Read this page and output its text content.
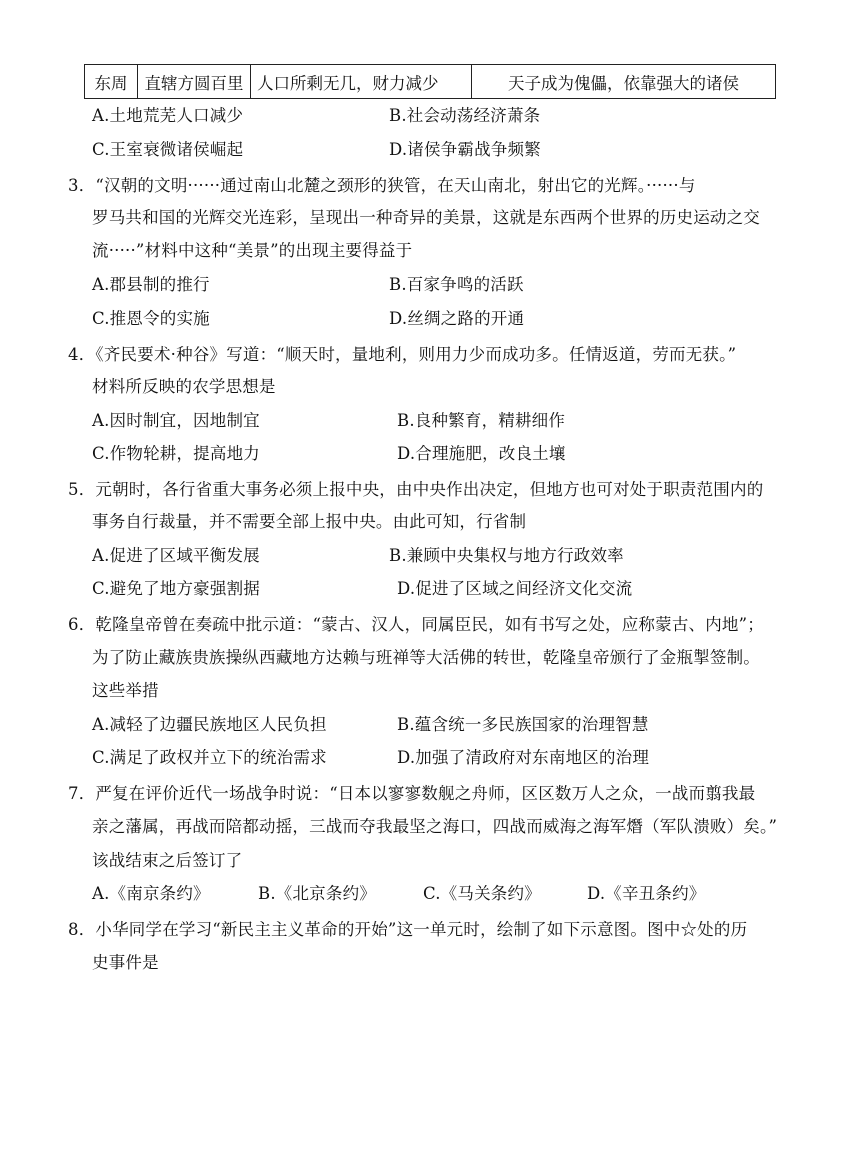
东周	直辖方圆百里	人口所剩无几，财力减少	天子成为傀儡，依靠强大的诸侯
A.土地荒芜人口减少	B.社会动荡经济萧条
C.王室衰微诸侯崛起	D.诸侯争霸战争频繁
3．“汉朝的文明······通过南山北麓之颈形的狭管，在天山南北，射出它的光辉。······与
罗马共和国的光辉交光连彩，呈现出一种奇异的美景，这就是东西两个世界的历史运动之交
流·····”材料中这种“美景”的出现主要得益于
A.郡县制的推行	B.百家争鸣的活跃
C.推恩令的实施	D.丝绸之路的开通
4．《齐民要术·种谷》写道：“顺天时，量地利，则用力少而成功多。任情返道，劳而无获。”
材料所反映的农学思想是
A.因时制宜，因地制宜	B.良种繁育，精耕细作
C.作物轮耕，提高地力	D.合理施肥，改良土壤
5．元朝时，各行省重大事务必须上报中央，由中央作出决定，但地方也可对处于职责范围内的
事务自行裁量，并不需要全部上报中央。由此可知，行省制
A.促进了区域平衡发展	B.兼顾中央集权与地方行政效率
C.避免了地方豪强割据	D.促进了区域之间经济文化交流
6．乾隆皇帝曾在奏疏中批示道：“蒙古、汉人，同属臣民，如有书写之处，应称蒙古、内地”；
为了防止藏族贵族操纵西藏地方达赖与班禅等大活佛的转世，乾隆皇帝颁行了金瓶掣签制。
这些举措
A.减轻了边疆民族地区人民负担	B.蕴含统一多民族国家的治理智慧
C.满足了政权并立下的统治需求	D.加强了清政府对东南地区的治理
7．严复在评价近代一场战争时说：“日本以寥寥数舰之舟师，区区数万人之众，一战而翦我最
亲之藩属，再战而陪都动摇，三战而夺我最坚之海口，四战而威海之海军熸（军队溃败）矣。”
该战结束之后签订了
A.《南京条约》	B.《北京条约》	C.《马关条约》	D.《辛丑条约》
8．小华同学在学习“新民主主义革命的开始”这一单元时，绘制了如下示意图。图中☆处的历
史事件是
